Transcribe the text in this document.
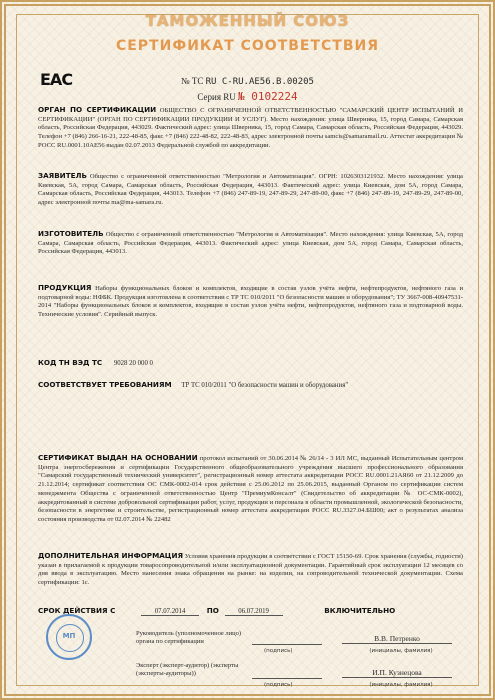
ТАМОЖЕННЫЙ СОЮЗ
СЕРТИФИКАТ СООТВЕТСТВИЯ
EAC	№ ТС RU C-RU.AE56.B.00205
Серия RU № 0102224
ОРГАН ПО СЕРТИФИКАЦИИ ОБЩЕСТВО С ОГРАНИЧЕННОЙ ОТВЕТСТВЕННОСТЬЮ "САМАРСКИЙ ЦЕНТР ИСПЫТАНИЙ И СЕРТИФИКАЦИИ" (ОРГАН ПО СЕРТИФИКАЦИИ ПРОДУКЦИИ И УСЛУГ). Место нахождения: улица Шверника, 15, город Самара, Самарская область, Российская Федерация, 443029. Фактический адрес: улица Шверника, 15, город Самара, Самарская область, Российская Федерация, 443029. Телефон +7 (846) 266-16-21, 222-48-85, факс +7 (846) 222-48-82, 222-48-83, адрес электронной почты samcis@samaramail.ru. Аттестат аккредитации № РОСС RU.0001.10АЕ56 выдан 02.07.2013 Федеральной службой по аккредитации.
ЗАЯВИТЕЛЬ Общество с ограниченной ответственностью "Метрология и Автоматизация". ОГРН: 1026303121932. Место нахождения: улица Киевская, 5А, город Самара, Самарская область, Российская Федерация, 443013. Фактический адрес: улица Киевская, дом 5А, город Самара, Самарская область, Российская Федерация, 443013. Телефон +7 (846) 247-89-19, 247-89-29, 247-89-00, факс +7 (846) 247-89-19, 247-89-29, 247-89-00, адрес электронной почты ma@ma-samara.ru.
ИЗГОТОВИТЕЛЬ Общество с ограниченной ответственностью "Метрология и Автоматизация". Место нахождения: улица Киевская, 5А, город Самара, Самарская область, Российская Федерация, 443013. Фактический адрес: улица Киевская, дом 5А, город Самара, Самарская область, Российская Федерация, 443013.
ПРОДУКЦИЯ Наборы функциональных блоков и комплектов, входящие в состав узлов учёта нефти, нефтепродуктов, нефтяного газа и подтоварной воды: НФБК. Продукция изготовлена в соответствии с ТР ТС 010/2011 "О безопасности машин и оборудования"; ТУ 3667-008-40947531-2014 "Наборы функциональных блоков и комплектов, входящие в состав узлов учёта нефти, нефтепродуктов, нефтяного газа и подтоварной воды. Технические условия". Серийный выпуск.
КОД ТН ВЭД ТС 9028 20 000 0
СООТВЕТСТВУЕТ ТРЕБОВАНИЯМ ТР ТС 010/2011 "О безопасности машин и оборудования"
СЕРТИФИКАТ ВЫДАН НА ОСНОВАНИИ протокол испытаний от 30.06.2014 № 26/14 - 3 ИЛ МС, выданный Испытательным центром Центра энергосбережения и сертификации Государственного общеобразовательного учреждения высшего профессионального образования "Самарский государственный технический университет", регистрационный номер аттестата аккредитации РОСС RU.0001.21АЯ60 от 21.12.2009 до 21.12.2014; сертификат соответствия ОС СМК-0002-014 срок действия с 25.06.2012 по 25.06.2015, выданный Органом по сертификации систем менеджмента Общества с ограниченной ответственностью Центр "ПремиумКонсалт" (Свидетельство об аккредитации № ОС-СМК-0002), аккредитованный в системе добровольной сертификации работ, услуг, продукции и персонала в области промышленной, экологической безопасности, безопасности в энергетике и строительстве, регистрационный номер аттестата аккредитации РОСС RU.3327.04.БШ00; акт о результатах анализа состояния производства от 02.07.2014 № 22482
ДОПОЛНИТЕЛЬНАЯ ИНФОРМАЦИЯ Условия хранения продукции в соответствии с ГОСТ 15150-69. Срок хранения (службы, годности) указан в прилагаемой к продукции товаросопроводительной и/или эксплуатационной документации. Гарантийный срок эксплуатации 12 месяцев со дня ввода в эксплуатацию. Место нанесения знака обращения на рынке: на изделии, на сопроводительной технической документации. Схема сертификации: 1с.
СРОК ДЕЙСТВИЯ С	07.07.2014	ПО	06.07.2019	ВКЛЮЧИТЕЛЬНО
МП	Руководитель (уполномоченное лицо) органа по сертификации
(подпись)
В.В. Петренко
(инициалы, фамилия)
Эксперт (эксперт-аудитор) (эксперты (эксперты-аудиторы))
(подпись)
И.П. Кузнецова
(инициалы, фамилия)
